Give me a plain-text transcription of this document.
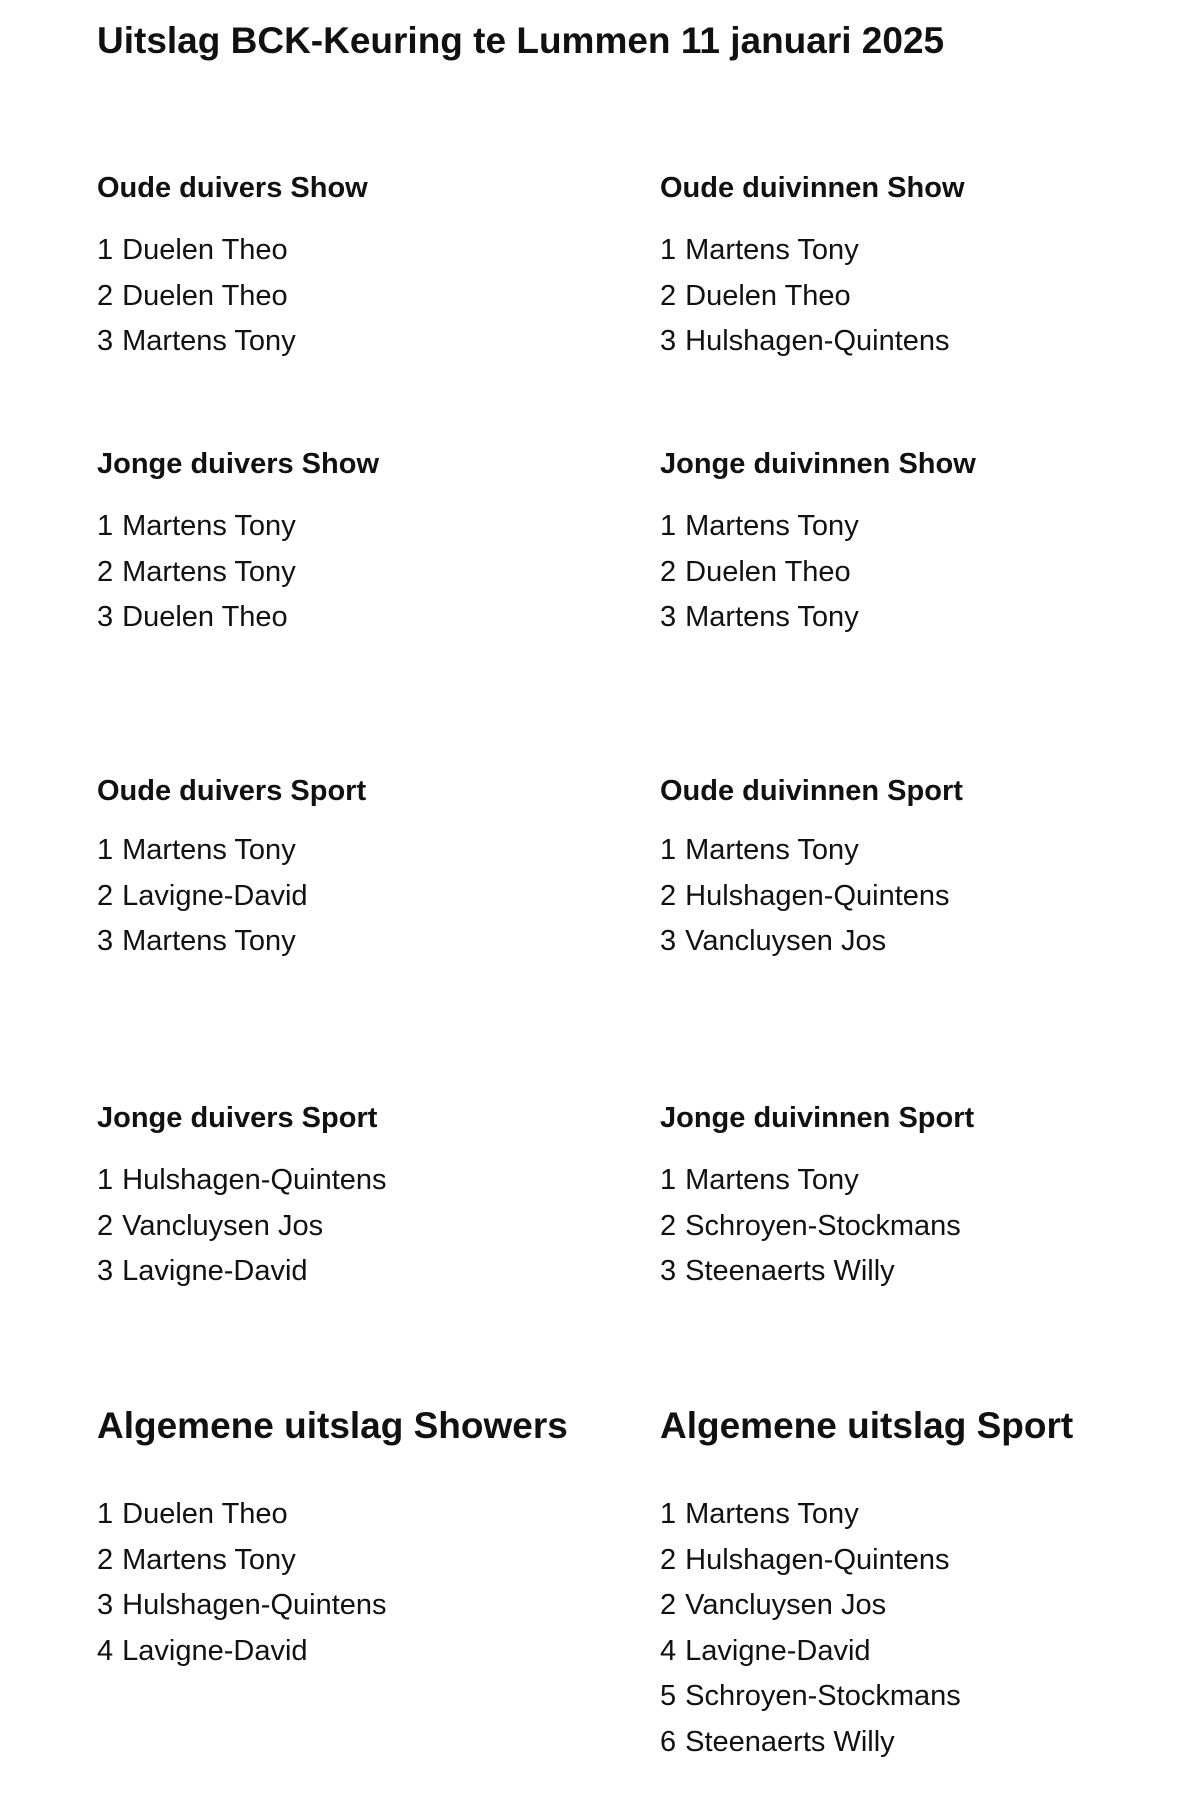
Uitslag BCK-Keuring te Lummen 11 januari 2025
Oude duivers Show
1 Duelen Theo
2 Duelen Theo
3 Martens Tony
Oude duivinnen Show
1 Martens Tony
2 Duelen Theo
3 Hulshagen-Quintens
Jonge duivers Show
1 Martens Tony
2 Martens Tony
3 Duelen Theo
Jonge duivinnen Show
1 Martens Tony
2 Duelen Theo
3 Martens Tony
Oude duivers Sport
1 Martens Tony
2 Lavigne-David
3 Martens Tony
Oude duivinnen Sport
1 Martens Tony
2 Hulshagen-Quintens
3 Vancluysen Jos
Jonge duivers Sport
1 Hulshagen-Quintens
2 Vancluysen Jos
3 Lavigne-David
Jonge duivinnen Sport
1 Martens Tony
2 Schroyen-Stockmans
3 Steenaerts Willy
Algemene uitslag Showers
1 Duelen Theo
2 Martens Tony
3 Hulshagen-Quintens
4 Lavigne-David
Algemene uitslag Sport
1 Martens Tony
2 Hulshagen-Quintens
2 Vancluysen Jos
4 Lavigne-David
5 Schroyen-Stockmans
6 Steenaerts Willy
